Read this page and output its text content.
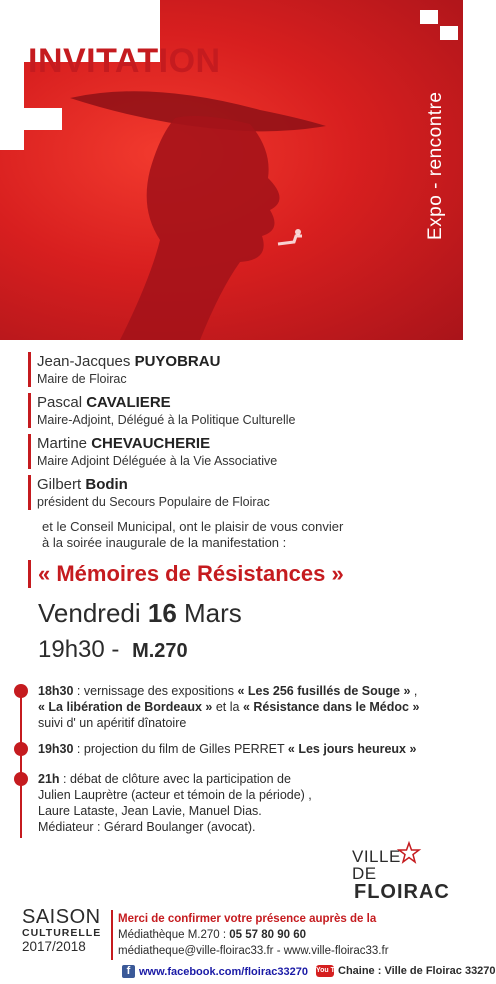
INVITATION
Expo - rencontre
Jean-Jacques PUYOBRAU
Maire de Floirac
Pascal CAVALIERE
Maire-Adjoint, Délégué à la Politique Culturelle
Martine CHEVAUCHERIE
Maire Adjoint Déléguée à la Vie Associative
Gilbert Bodin
président du Secours Populaire de Floirac

et le Conseil Municipal, ont le plaisir de vous convier

à la soirée inaugurale de la manifestation :

« Mémoires de Résistances »
Vendredi 16 Mars
19h30 - M.270
18h30 : vernissage des expositions « Les 256 fusillés de Souge » ,
« La libération de Bordeaux » et la « Résistance dans le Médoc »
suivi d' un apéritif dînatoire
19h30 : projection du film de Gilles PERRET « Les jours heureux »
21h : débat de clôture avec la participation de
Julien Lauprètre (acteur et témoin de la période) ,
Laure Lataste, Jean Lavie, Manuel Dias.
Médiateur : Gérard Boulanger (avocat).
VILLE
DE
FLOIRAC
SAISON
CULTURELLE
2017/2018
Merci de confirmer votre présence auprès de la
Médiathèque M.270 : 05 57 80 90 60
médiatheque@ville-floirac33.fr - www.ville-floirac33.fr
f www.facebook.com/floirac33270 You Tube
Chaine : Ville de Floirac 33270
